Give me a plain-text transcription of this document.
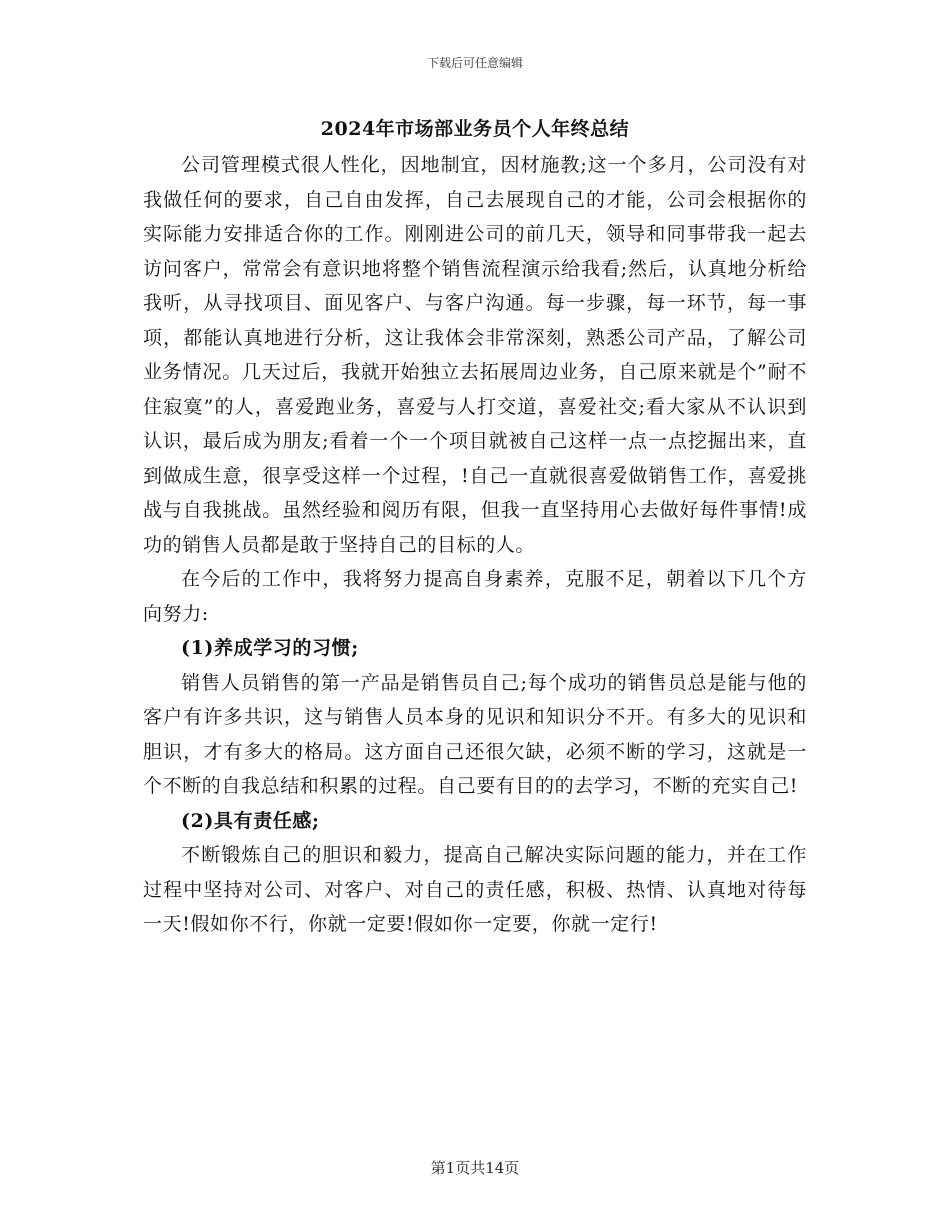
下载后可任意编辑
2024年市场部业务员个人年终总结

公司管理模式很人性化，因地制宜，因材施教;这一个多月，公司没有对我做任何的要求，自己自由发挥，自己去展现自己的才能，公司会根据你的实际能力安排适合你的工作。刚刚进公司的前几天，领导和同事带我一起去访问客户，常常会有意识地将整个销售流程演示给我看;然后，认真地分析给我听，从寻找项目、面见客户、与客户沟通。每一步骤，每一环节，每一事项，都能认真地进行分析，这让我体会非常深刻，熟悉公司产品，了解公司业务情况。几天过后，我就开始独立去拓展周边业务，自己原来就是个”耐不住寂寞”的人，喜爱跑业务，喜爱与人打交道，喜爱社交;看大家从不认识到认识，最后成为朋友;看着一个一个项目就被自己这样一点一点挖掘出来，直到做成生意，很享受这样一个过程，!自己一直就很喜爱做销售工作，喜爱挑战与自我挑战。虽然经验和阅历有限，但我一直坚持用心去做好每件事情!成功的销售人员都是敢于坚持自己的目标的人。

在今后的工作中，我将努力提高自身素养，克服不足，朝着以下几个方向努力:

(1)养成学习的习惯;

销售人员销售的第一产品是销售员自己;每个成功的销售员总是能与他的客户有许多共识，这与销售人员本身的见识和知识分不开。有多大的见识和胆识，才有多大的格局。这方面自己还很欠缺，必须不断的学习，这就是一个不断的自我总结和积累的过程。自己要有目的的去学习，不断的充实自己!

(2)具有责任感;

不断锻炼自己的胆识和毅力，提高自己解决实际问题的能力，并在工作过程中坚持对公司、对客户、对自己的责任感，积极、热情、认真地对待每一天!假如你不行，你就一定要!假如你一定要，你就一定行!

第1页共14页
